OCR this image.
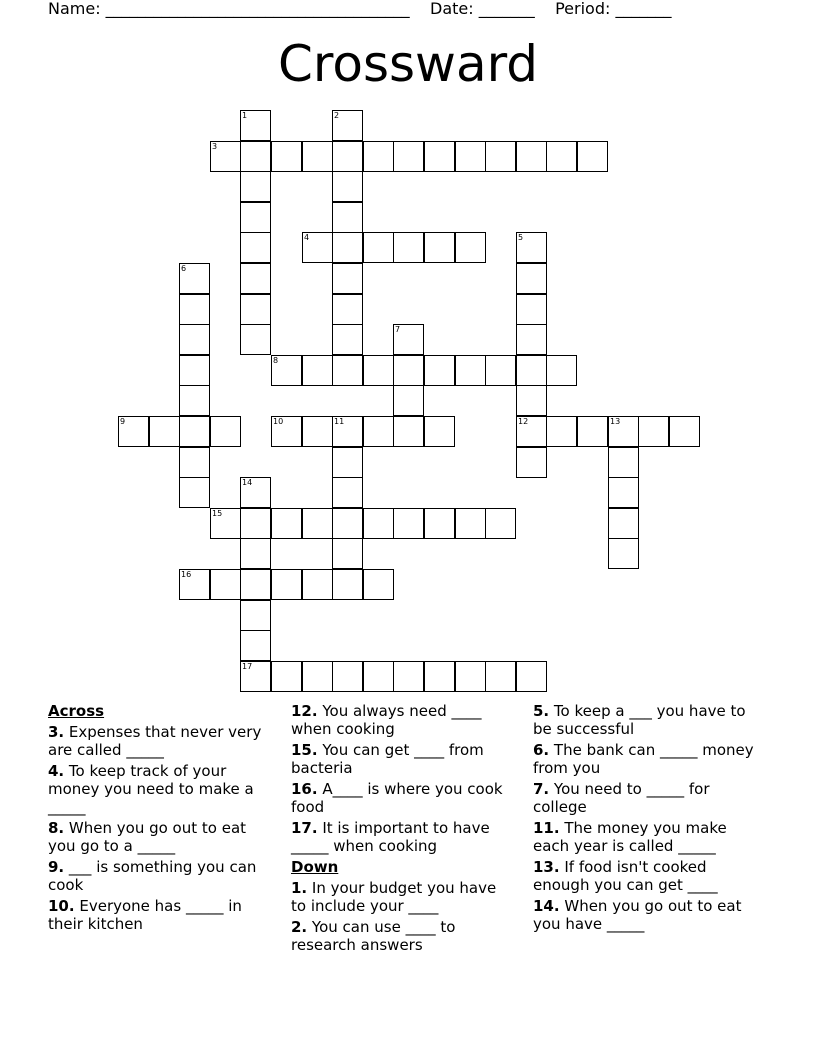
Name: ______________________________________    Date: _______    Period: _______
Crossward
3
4
8
9	10	11	12	13
15
16
17
1	2
5
6
7
14
Across
3. Expenses that never very are called _____
4. To keep track of your money you need to make a _____
8. When you go out to eat you go to a _____
9. ___ is something you can cook
10. Everyone has _____ in their kitchen
12. You always need ____ when cooking
15. You can get ____ from bacteria
16. A____ is where you cook food
17. It is important to have _____ when cooking
Down
1. In your budget you have to include your ____
2. You can use ____ to research answers
5. To keep a ___ you have to be successful
6. The bank can _____ money from you
7. You need to _____ for college
11. The money you make each year is called _____
13. If food isn't cooked enough you can get ____
14. When you go out to eat you have _____
